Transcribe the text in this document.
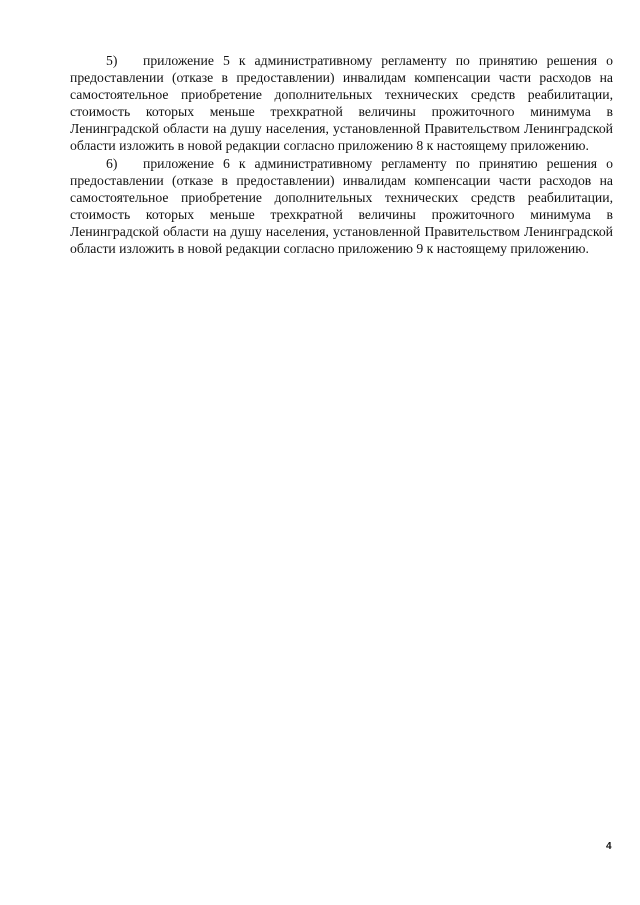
5) приложение 5 к административному регламенту по принятию решения о предоставлении (отказе в предоставлении) инвалидам компенсации части расходов на самостоятельное приобретение дополнительных технических средств реабилитации, стоимость которых меньше трехкратной величины прожиточного минимума в Ленинградской области на душу населения, установленной Правительством Ленинградской области изложить в новой редакции согласно приложению 8 к настоящему приложению.

6) приложение 6 к административному регламенту по принятию решения о предоставлении (отказе в предоставлении) инвалидам компенсации части расходов на самостоятельное приобретение дополнительных технических средств реабилитации, стоимость которых меньше трехкратной величины прожиточного минимума в Ленинградской области на душу населения, установленной Правительством Ленинградской области изложить в новой редакции согласно приложению 9 к настоящему приложению.

4
